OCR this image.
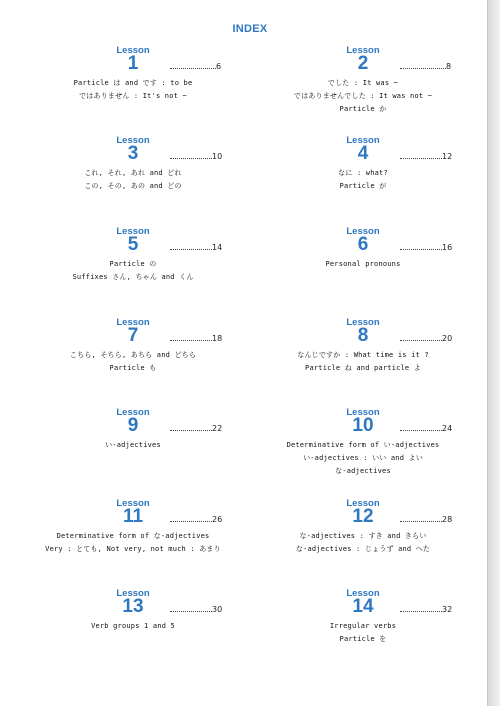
INDEX
Lesson
1	6
Particle は and です : to be
ではありません : It's not ~
Lesson
2	8
でした : It was ~
ではありませんでした : It was not ~
Particle か
Lesson
3	10
これ, それ, あれ and どれ
この, その, あの and どの
Lesson
4	12
なに : what?
Particle が
Lesson
5	14
Particle の
Suffixes さん, ちゃん and くん
Lesson
6	16
Personal pronouns
Lesson
7	18
こちら, そちら, あちら and どちら
Particle も
Lesson
8	20
なんじですか : What time is it ?
Particle ね and particle よ
Lesson
9	22
い-adjectives
Lesson
10	24
Determinative form of い-adjectives
い-adjectives : いい and よい
な-adjectives
Lesson
11	26
Determinative form of な-adjectives
Very : とても, Not very, not much : あまり
Lesson
12	28
な-adjectives : すき and きらい
な-adjectives : じょうず and へた
Lesson
13	30
Verb groups 1 and 5
Lesson
14	32
Irregular verbs
Particle を
